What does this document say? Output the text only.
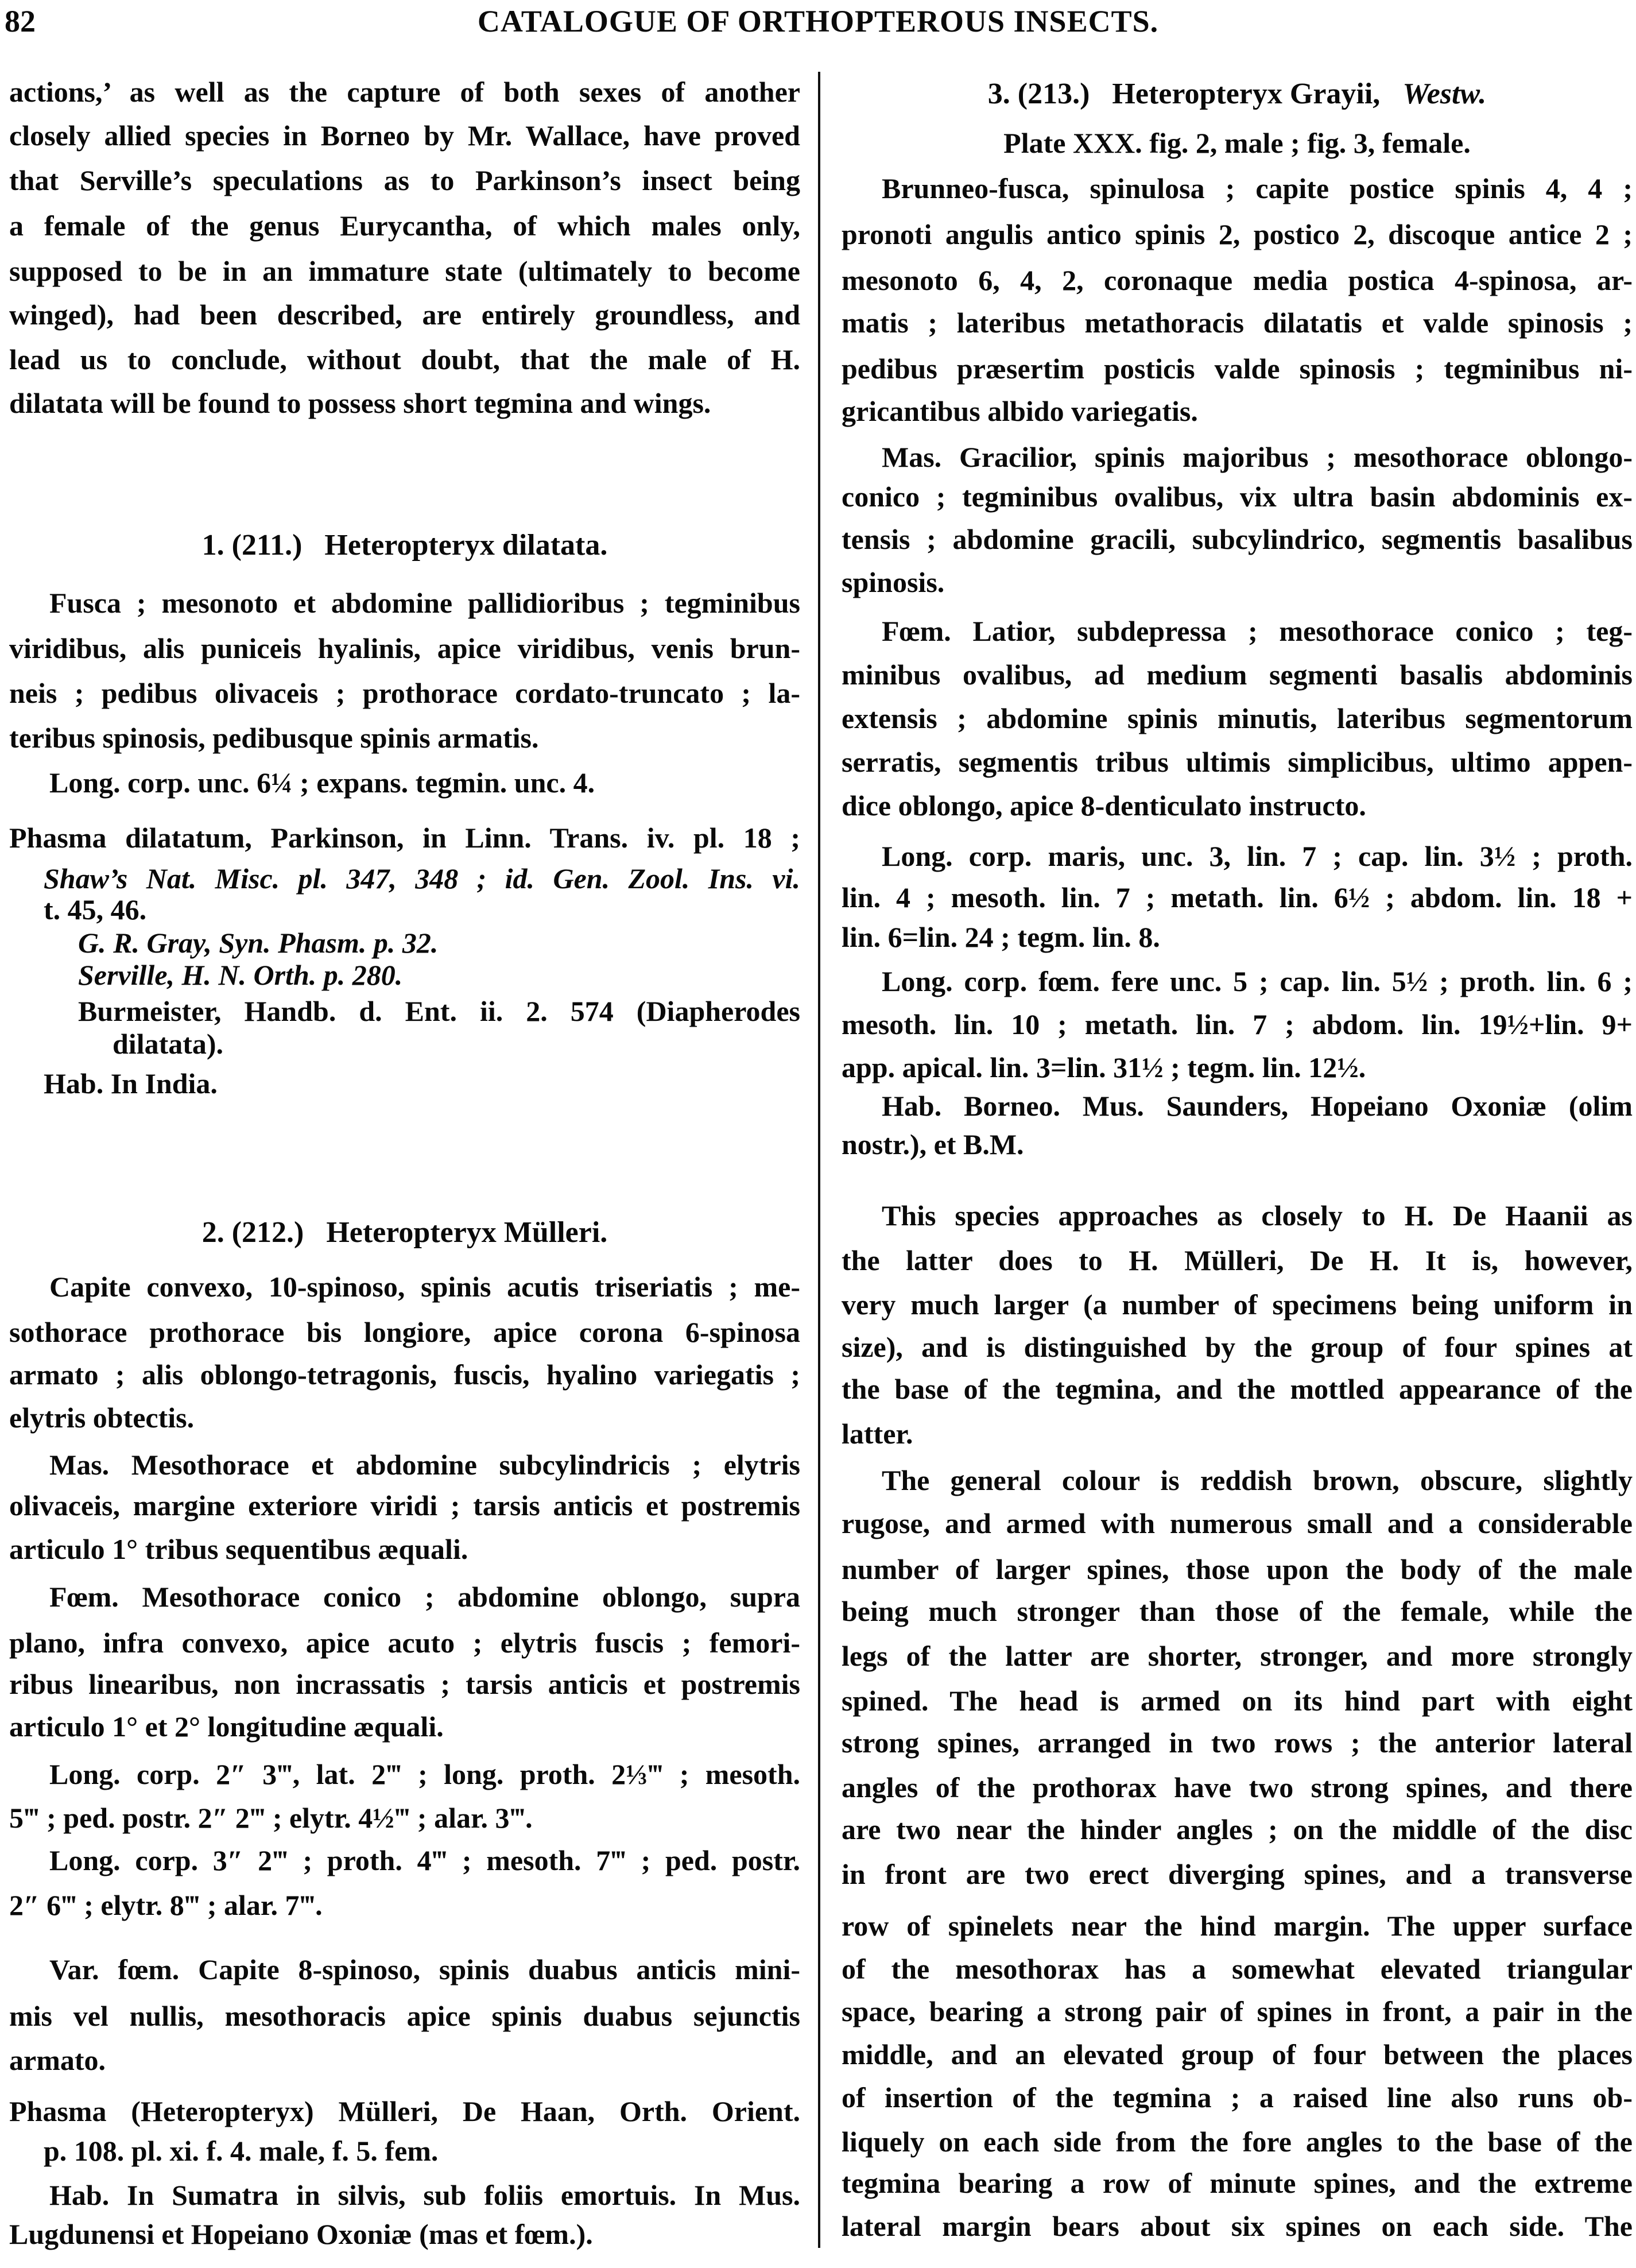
82	CATALOGUE OF ORTHOPTEROUS INSECTS.
actions,’ as well as the capture of both sexes of another
closely allied species in Borneo by Mr. Wallace, have proved
that Serville’s speculations as to Parkinson’s insect being
a female of the genus Eurycantha, of which males only,
supposed to be in an immature state (ultimately to become
winged), had been described, are entirely groundless, and
lead us to conclude, without doubt, that the male of H.
dilatata will be found to possess short tegmina and wings.
1. (211.) Heteropteryx dilatata.
Fusca ; mesonoto et abdomine pallidioribus ; tegminibus
viridibus, alis puniceis hyalinis, apice viridibus, venis brun-
neis ; pedibus olivaceis ; prothorace cordato-truncato ; la-
teribus spinosis, pedibusque spinis armatis.
Long. corp. unc. 6¼ ; expans. tegmin. unc. 4.
Phasma dilatatum, Parkinson, in Linn. Trans. iv. pl. 18 ;
Shaw’s Nat. Misc. pl. 347, 348 ; id. Gen. Zool. Ins. vi.
t. 45, 46.
G. R. Gray, Syn. Phasm. p. 32.
Serville, H. N. Orth. p. 280.
Burmeister, Handb. d. Ent. ii. 2. 574 (Diapherodes
dilatata).
Hab. In India.
2. (212.) Heteropteryx Mülleri.
Capite convexo, 10-spinoso, spinis acutis triseriatis ; me-
sothorace prothorace bis longiore, apice corona 6-spinosa
armato ; alis oblongo-tetragonis, fuscis, hyalino variegatis ;
elytris obtectis.
Mas. Mesothorace et abdomine subcylindricis ; elytris
olivaceis, margine exteriore viridi ; tarsis anticis et postremis
articulo 1° tribus sequentibus æquali.
Fœm. Mesothorace conico ; abdomine oblongo, supra
plano, infra convexo, apice acuto ; elytris fuscis ; femori-
ribus linearibus, non incrassatis ; tarsis anticis et postremis
articulo 1° et 2° longitudine æquali.
Long. corp. 2″ 3‴, lat. 2‴ ; long. proth. 2⅓‴ ; mesoth.
5‴ ; ped. postr. 2″ 2‴ ; elytr. 4½‴ ; alar. 3‴.
Long. corp. 3″ 2‴ ; proth. 4‴ ; mesoth. 7‴ ; ped. postr.
2″ 6‴ ; elytr. 8‴ ; alar. 7‴.
Var. fœm. Capite 8-spinoso, spinis duabus anticis mini-
mis vel nullis, mesothoracis apice spinis duabus sejunctis
armato.
Phasma (Heteropteryx) Mülleri, De Haan, Orth. Orient.
p. 108. pl. xi. f. 4. male, f. 5. fem.
Hab. In Sumatra in silvis, sub foliis emortuis. In Mus.
Lugdunensi et Hopeiano Oxoniæ (mas et fœm.).
3. (213.) Heteropteryx Grayii, Westw.
Plate XXX. fig. 2, male ; fig. 3, female.
Brunneo-fusca, spinulosa ; capite postice spinis 4, 4 ;
pronoti angulis antico spinis 2, postico 2, discoque antice 2 ;
mesonoto 6, 4, 2, coronaque media postica 4-spinosa, ar-
matis ; lateribus metathoracis dilatatis et valde spinosis ;
pedibus præsertim posticis valde spinosis ; tegminibus ni-
gricantibus albido variegatis.
Mas. Gracilior, spinis majoribus ; mesothorace oblongo-
conico ; tegminibus ovalibus, vix ultra basin abdominis ex-
tensis ; abdomine gracili, subcylindrico, segmentis basalibus
spinosis.
Fœm. Latior, subdepressa ; mesothorace conico ; teg-
minibus ovalibus, ad medium segmenti basalis abdominis
extensis ; abdomine spinis minutis, lateribus segmentorum
serratis, segmentis tribus ultimis simplicibus, ultimo appen-
dice oblongo, apice 8-denticulato instructo.
Long. corp. maris, unc. 3, lin. 7 ; cap. lin. 3½ ; proth.
lin. 4 ; mesoth. lin. 7 ; metath. lin. 6½ ; abdom. lin. 18 +
lin. 6=lin. 24 ; tegm. lin. 8.
Long. corp. fœm. fere unc. 5 ; cap. lin. 5½ ; proth. lin. 6 ;
mesoth. lin. 10 ; metath. lin. 7 ; abdom. lin. 19½+lin. 9+
app. apical. lin. 3=lin. 31½ ; tegm. lin. 12½.
Hab. Borneo. Mus. Saunders, Hopeiano Oxoniæ (olim
nostr.), et B.M.
This species approaches as closely to H. De Haanii as
the latter does to H. Mülleri, De H. It is, however,
very much larger (a number of specimens being uniform in
size), and is distinguished by the group of four spines at
the base of the tegmina, and the mottled appearance of the
latter.
The general colour is reddish brown, obscure, slightly
rugose, and armed with numerous small and a considerable
number of larger spines, those upon the body of the male
being much stronger than those of the female, while the
legs of the latter are shorter, stronger, and more strongly
spined. The head is armed on its hind part with eight
strong spines, arranged in two rows ; the anterior lateral
angles of the prothorax have two strong spines, and there
are two near the hinder angles ; on the middle of the disc
in front are two erect diverging spines, and a transverse
row of spinelets near the hind margin. The upper surface
of the mesothorax has a somewhat elevated triangular
space, bearing a strong pair of spines in front, a pair in the
middle, and an elevated group of four between the places
of insertion of the tegmina ; a raised line also runs ob-
liquely on each side from the fore angles to the base of the
tegmina bearing a row of minute spines, and the extreme
lateral margin bears about six spines on each side. The
